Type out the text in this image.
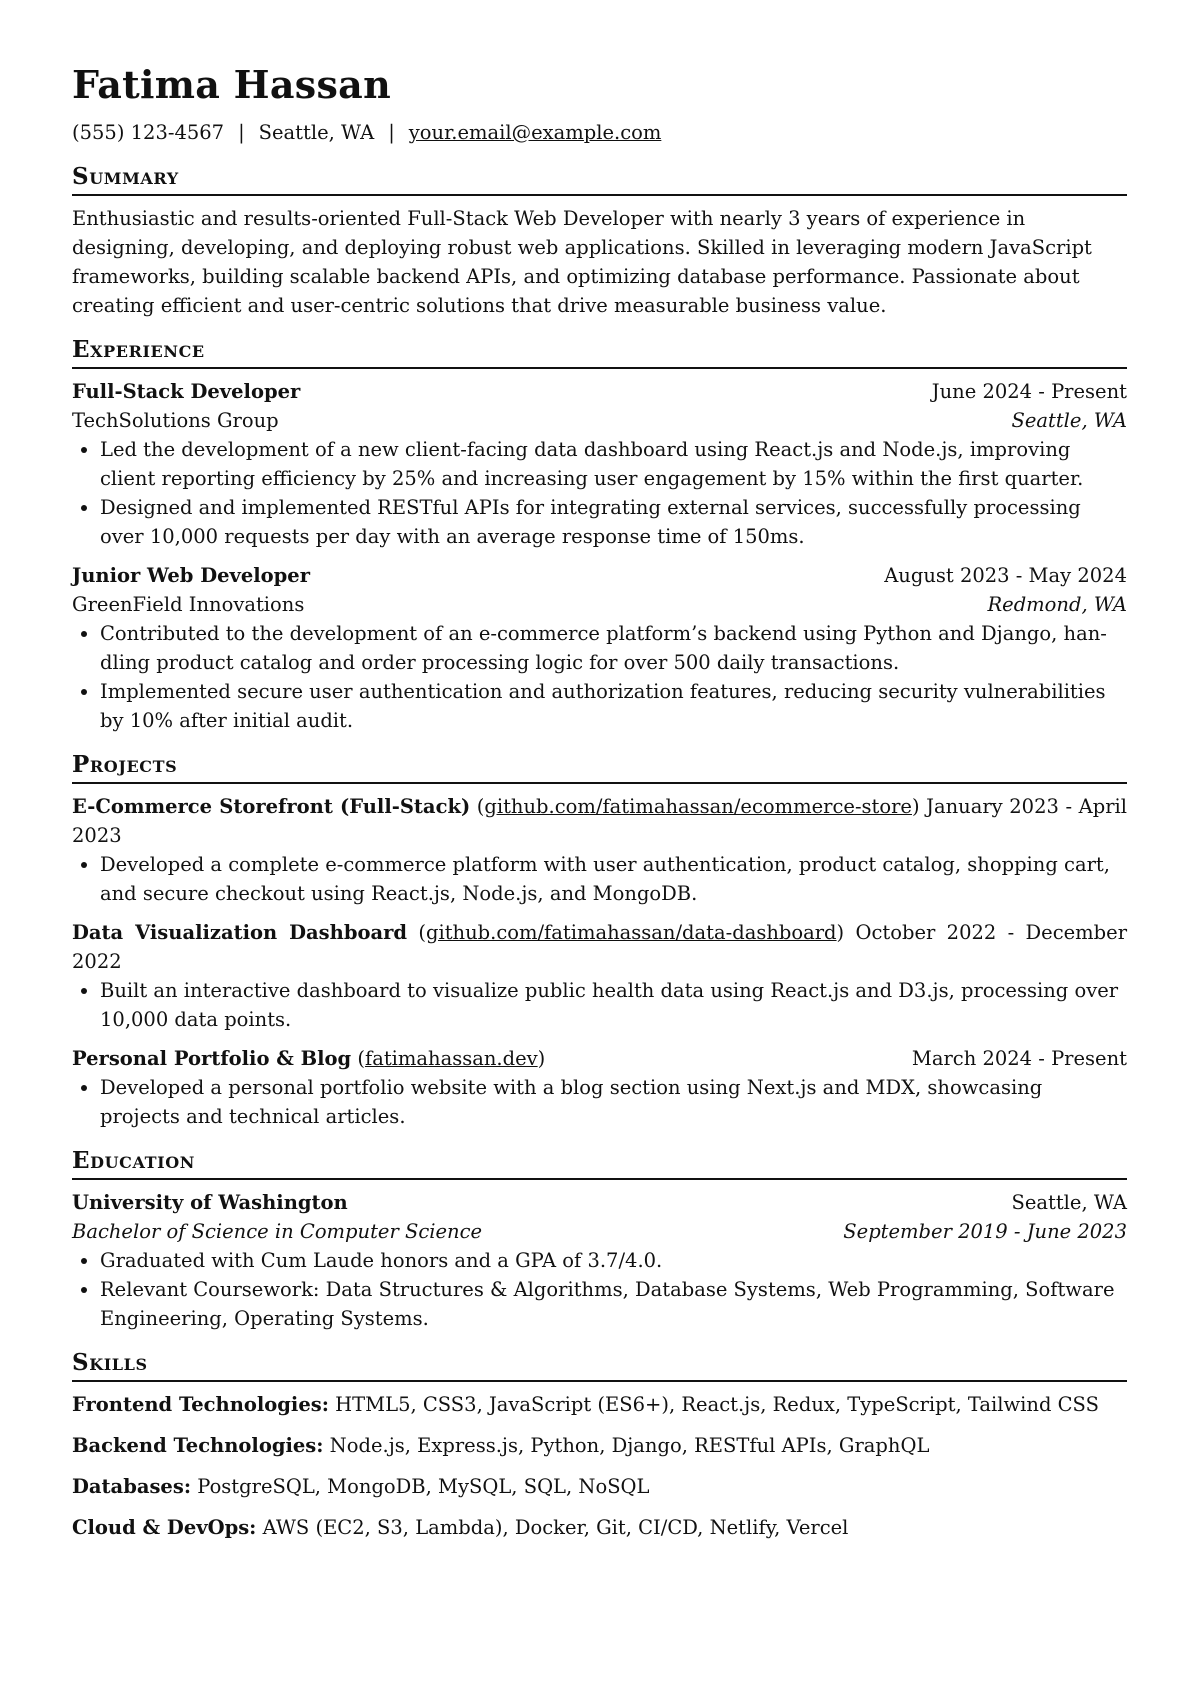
Fatima Hassan
(555) 123-4567 | Seattle, WA | your.email@example.com
Summary
Enthusiastic and results-oriented Full-Stack Web Developer with nearly 3 years of experience in designing, developing, and deploying robust web applications. Skilled in leveraging modern JavaScript frameworks, building scalable backend APIs, and optimizing database performance. Passionate about creating efficient and user-centric solutions that drive measurable business value.
Experience
Full-Stack Developer	June 2024 - Present
TechSolutions Group	Seattle, WA
• Led the development of a new client-facing data dashboard using React.js and Node.js, improving client reporting efficiency by 25% and increasing user engagement by 15% within the first quarter.
• Designed and implemented RESTful APIs for integrating external services, successfully processing over 10,000 requests per day with an average response time of 150ms.
Junior Web Developer	August 2023 - May 2024
GreenField Innovations	Redmond, WA
• Contributed to the development of an e-commerce platform’s backend using Python and Django, han-dling product catalog and order processing logic for over 500 daily transactions.
• Implemented secure user authentication and authorization features, reducing security vulnerabilities by 10% after initial audit.
Projects
E-Commerce Storefront (Full-Stack) (github.com/fatimahassan/ecommerce-store) January 2023 - April 2023
• Developed a complete e-commerce platform with user authentication, product catalog, shopping cart, and secure checkout using React.js, Node.js, and MongoDB.
Data Visualization Dashboard (github.com/fatimahassan/data-dashboard) October 2022 - December 2022
• Built an interactive dashboard to visualize public health data using React.js and D3.js, processing over 10,000 data points.
Personal Portfolio & Blog (fatimahassan.dev)	March 2024 - Present
• Developed a personal portfolio website with a blog section using Next.js and MDX, showcasing projects and technical articles.
Education
University of Washington	Seattle, WA
Bachelor of Science in Computer Science	September 2019 - June 2023
• Graduated with Cum Laude honors and a GPA of 3.7/4.0.
• Relevant Coursework: Data Structures & Algorithms, Database Systems, Web Programming, Software Engineering, Operating Systems.
Skills
Frontend Technologies: HTML5, CSS3, JavaScript (ES6+), React.js, Redux, TypeScript, Tailwind CSS
Backend Technologies: Node.js, Express.js, Python, Django, RESTful APIs, GraphQL
Databases: PostgreSQL, MongoDB, MySQL, SQL, NoSQL
Cloud & DevOps: AWS (EC2, S3, Lambda), Docker, Git, CI/CD, Netlify, Vercel
